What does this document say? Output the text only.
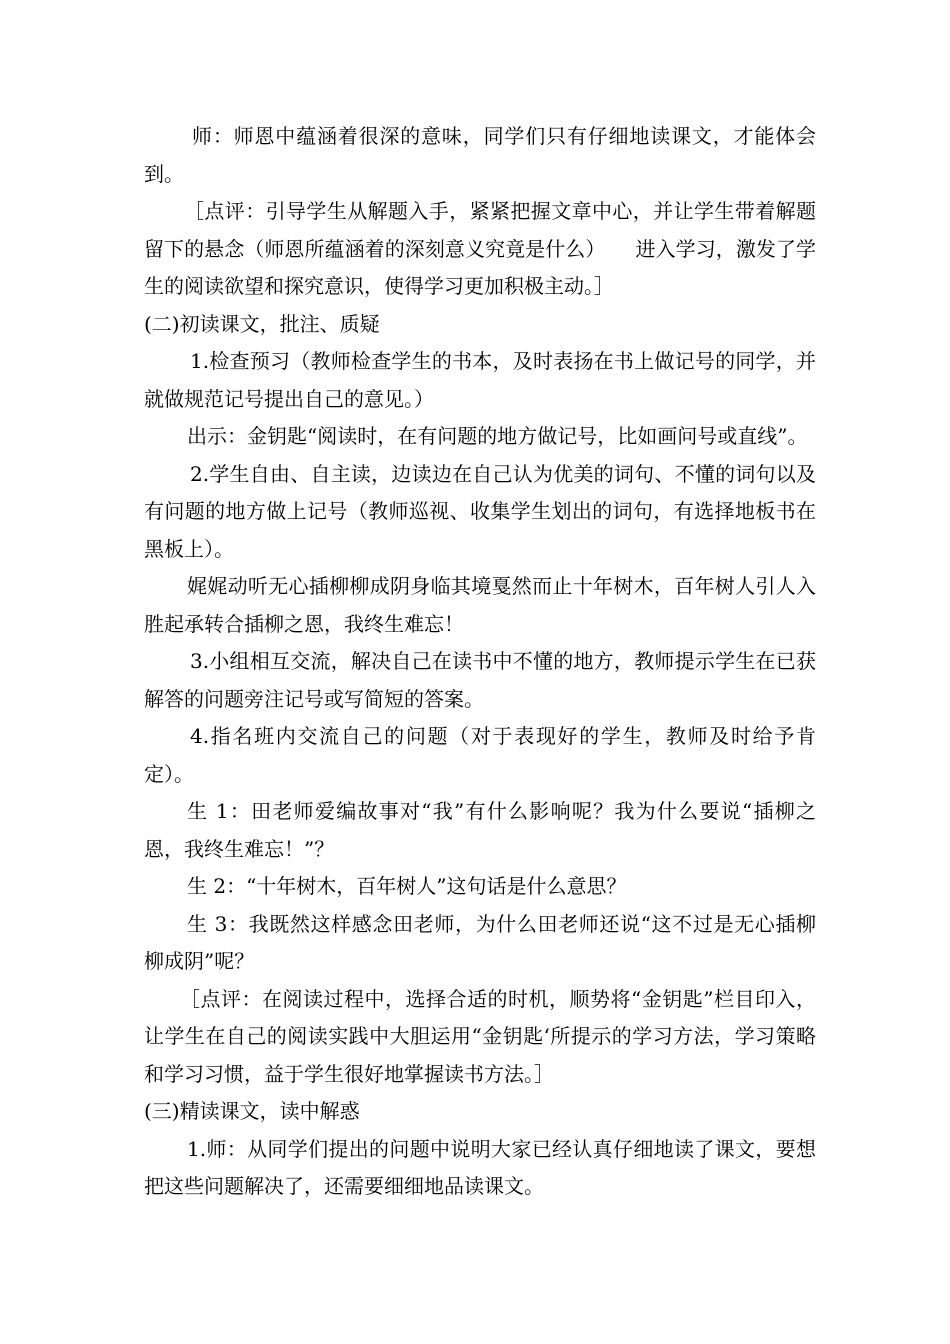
师：师恩中蕴涵着很深的意味，同学们只有仔细地读课文，才能体会到。

［点评：引导学生从解题入手，紧紧把握文章中心，并让学生带着解题留下的悬念（师恩所蕴涵着的深刻意义究竟是什么）　　进入学习，激发了学生的阅读欲望和探究意识，使得学习更加积极主动。］

(二)初读课文，批注、质疑

1.检查预习（教师检查学生的书本，及时表扬在书上做记号的同学，并就做规范记号提出自己的意见。）

出示：金钥匙“阅读时，在有问题的地方做记号，比如画问号或直线”。

2.学生自由、自主读，边读边在自己认为优美的词句、不懂的词句以及有问题的地方做上记号（教师巡视、收集学生划出的词句，有选择地板书在黑板上）。

娓娓动听无心插柳柳成阴身临其境戛然而止十年树木，百年树人引人入胜起承转合插柳之恩，我终生难忘！

3.小组相互交流，解决自己在读书中不懂的地方，教师提示学生在已获解答的问题旁注记号或写简短的答案。

4.指名班内交流自己的问题（对于表现好的学生，教师及时给予肯定）。

生 1：田老师爱编故事对“我”有什么影响呢？我为什么要说“插柳之恩，我终生难忘！”？

生 2：“十年树木，百年树人”这句话是什么意思？

生 3：我既然这样感念田老师，为什么田老师还说“这不过是无心插柳柳成阴”呢？

［点评：在阅读过程中，选择合适的时机，顺势将“金钥匙”栏目印入，让学生在自己的阅读实践中大胆运用“金钥匙‘所提示的学习方法，学习策略和学习习惯，益于学生很好地掌握读书方法。］

(三)精读课文，读中解惑

1.师：从同学们提出的问题中说明大家已经认真仔细地读了课文，要想把这些问题解决了，还需要细细地品读课文。
